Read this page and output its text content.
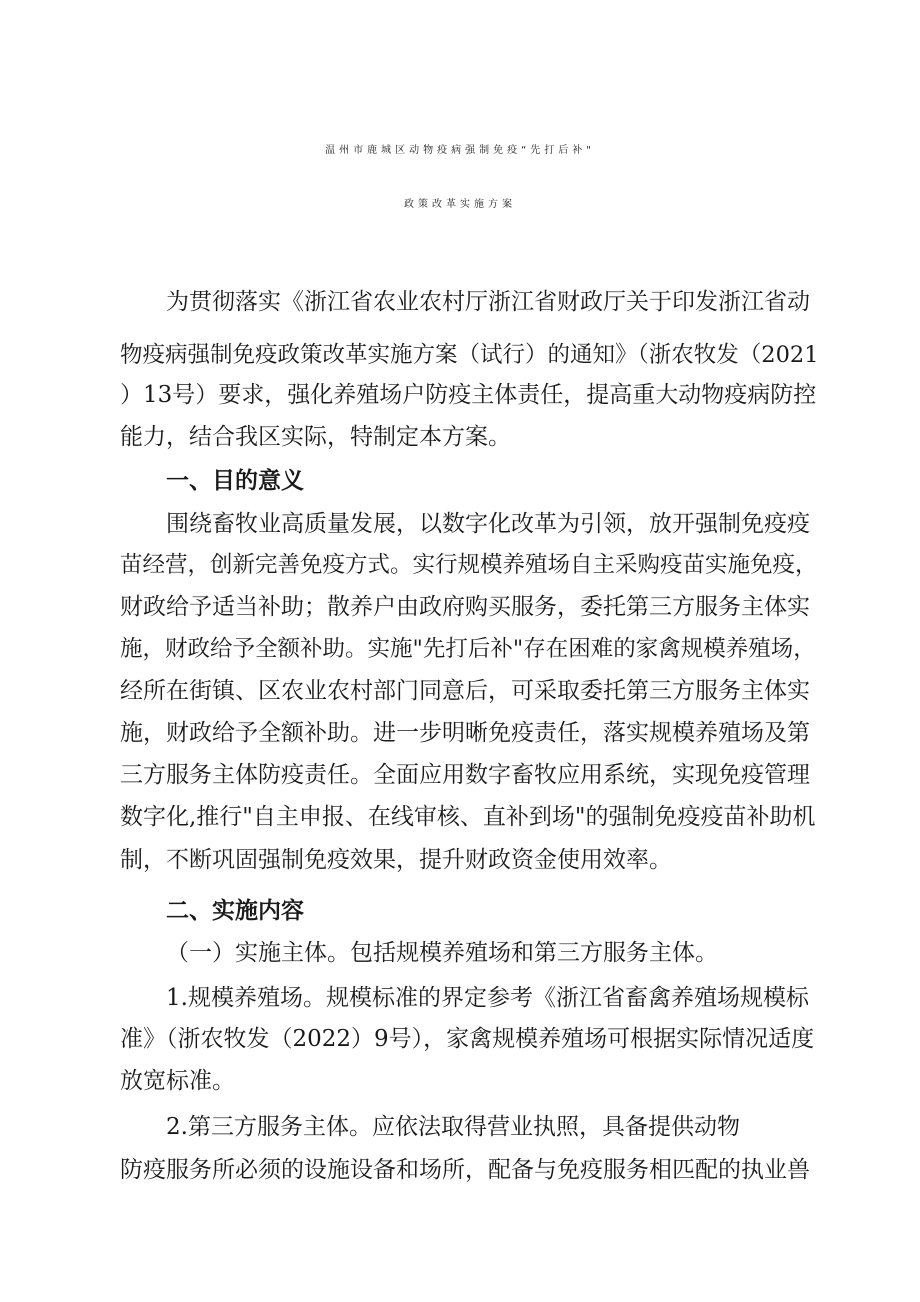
温州市鹿城区动物疫病强制免疫“先打后补"
政策改革实施方案
为贯彻落实《浙江省农业农村厅浙江省财政厅关于印发浙江省动
物疫病强制免疫政策改革实施方案（试行）的通知》（浙农牧发（2021
）13号）要求，强化养殖场户防疫主体责任，提高重大动物疫病防控
能力，结合我区实际，特制定本方案。
一、目的意义
围绕畜牧业高质量发展，以数字化改革为引领，放开强制免疫疫
苗经营，创新完善免疫方式。实行规模养殖场自主采购疫苗实施免疫，
财政给予适当补助；散养户由政府购买服务，委托第三方服务主体实
施，财政给予全额补助。实施"先打后补"存在困难的家禽规模养殖场，
经所在街镇、区农业农村部门同意后，可采取委托第三方服务主体实
施，财政给予全额补助。进一步明晰免疫责任，落实规模养殖场及第
三方服务主体防疫责任。全面应用数字畜牧应用系统，实现免疫管理
数字化,推行"自主申报、在线审核、直补到场"的强制免疫疫苗补助机
制，不断巩固强制免疫效果，提升财政资金使用效率。
二、实施内容
（一）实施主体。包括规模养殖场和第三方服务主体。
1.规模养殖场。规模标准的界定参考《浙江省畜禽养殖场规模标
准》（浙农牧发（2022）9号），家禽规模养殖场可根据实际情况适度
放宽标准。
2.第三方服务主体。应依法取得营业执照，具备提供动物
防疫服务所必须的设施设备和场所，配备与免疫服务相匹配的执业兽
